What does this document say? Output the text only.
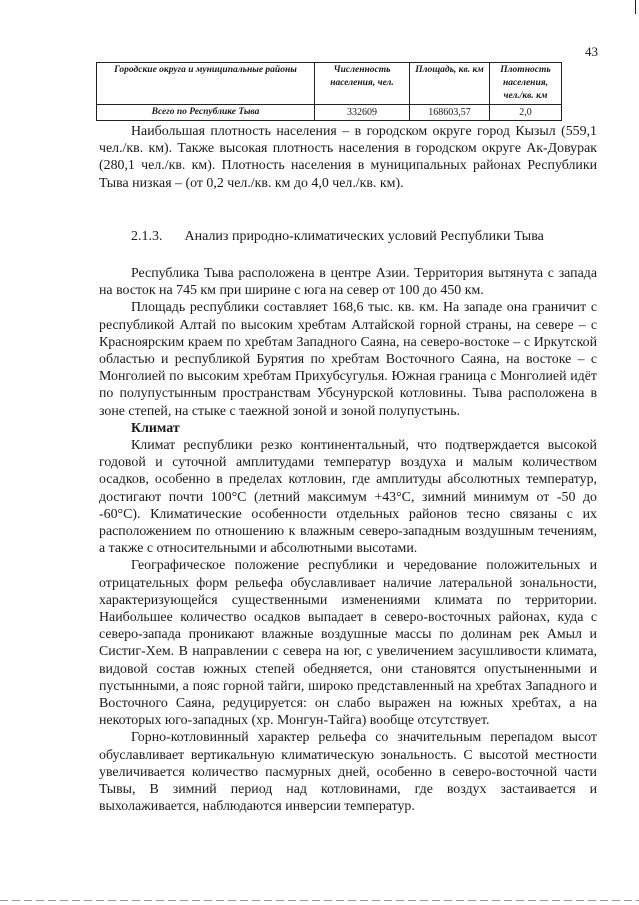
43
Городские округа и муниципальные районы	Численность населения, чел.	Площадь, кв. км	Плотность населения, чел./кв. км
Всего по Республике Тыва	332609	168603,57	2,0

Наибольшая плотность населения – в городском округе город Кызыл (559,1 чел./кв. км). Также высокая плотность населения в городском округе Ак-Довурак (280,1 чел./кв. км). Плотность населения в муниципальных районах Республики Тыва низкая – (от 0,2 чел./кв. км до 4,0 чел./кв. км).

2.1.3. Анализ природно-климатических условий Республики Тыва

Республика Тыва расположена в центре Азии. Территория вытянута с запада на восток на 745 км при ширине с юга на север от 100 до 450 км.

Площадь республики составляет 168,6 тыс. кв. км. На западе она граничит с республикой Алтай по высоким хребтам Алтайской горной страны, на севере – с Красноярским краем по хребтам Западного Саяна, на северо-востоке – с Иркутской областью и республикой Бурятия по хребтам Восточного Саяна, на востоке – с Монголией по высоким хребтам Прихубсугулья. Южная граница с Монголией идёт по полупустынным пространствам Убсунурской котловины. Тыва расположена в зоне степей, на стыке с таежной зоной и зоной полупустынь.

Климат

Климат республики резко континентальный, что подтверждается высокой годовой и суточной амплитудами температур воздуха и малым количеством осадков, особенно в пределах котловин, где амплитуды абсолютных температур, достигают почти 100°C (летний максимум +43°C, зимний минимум от -50 до -60°C). Климатические особенности отдельных районов тесно связаны с их расположением по отношению к влажным северо-западным воздушным течениям, а также с относительными и абсолютными высотами.

Географическое положение республики и чередование положительных и отрицательных форм рельефа обуславливает наличие латеральной зональности, характеризующейся существенными изменениями климата по территории. Наибольшее количество осадков выпадает в северо-восточных районах, куда с северо-запада проникают влажные воздушные массы по долинам рек Амыл и Систиг-Хем. В направлении с севера на юг, с увеличением засушливости климата, видовой состав южных степей обедняется, они становятся опустыненными и пустынными, а пояс горной тайги, широко представленный на хребтах Западного и Восточного Саяна, редуцируется: он слабо выражен на южных хребтах, а на некоторых юго-западных (хр. Монгун-Тайга) вообще отсутствует.

Горно-котловинный характер рельефа со значительным перепадом высот обуславливает вертикальную климатическую зональность. С высотой местности увеличивается количество пасмурных дней, особенно в северо-восточной части Тывы, В зимний период над котловинами, где воздух застаивается и выхолаживается, наблюдаются инверсии температур.
